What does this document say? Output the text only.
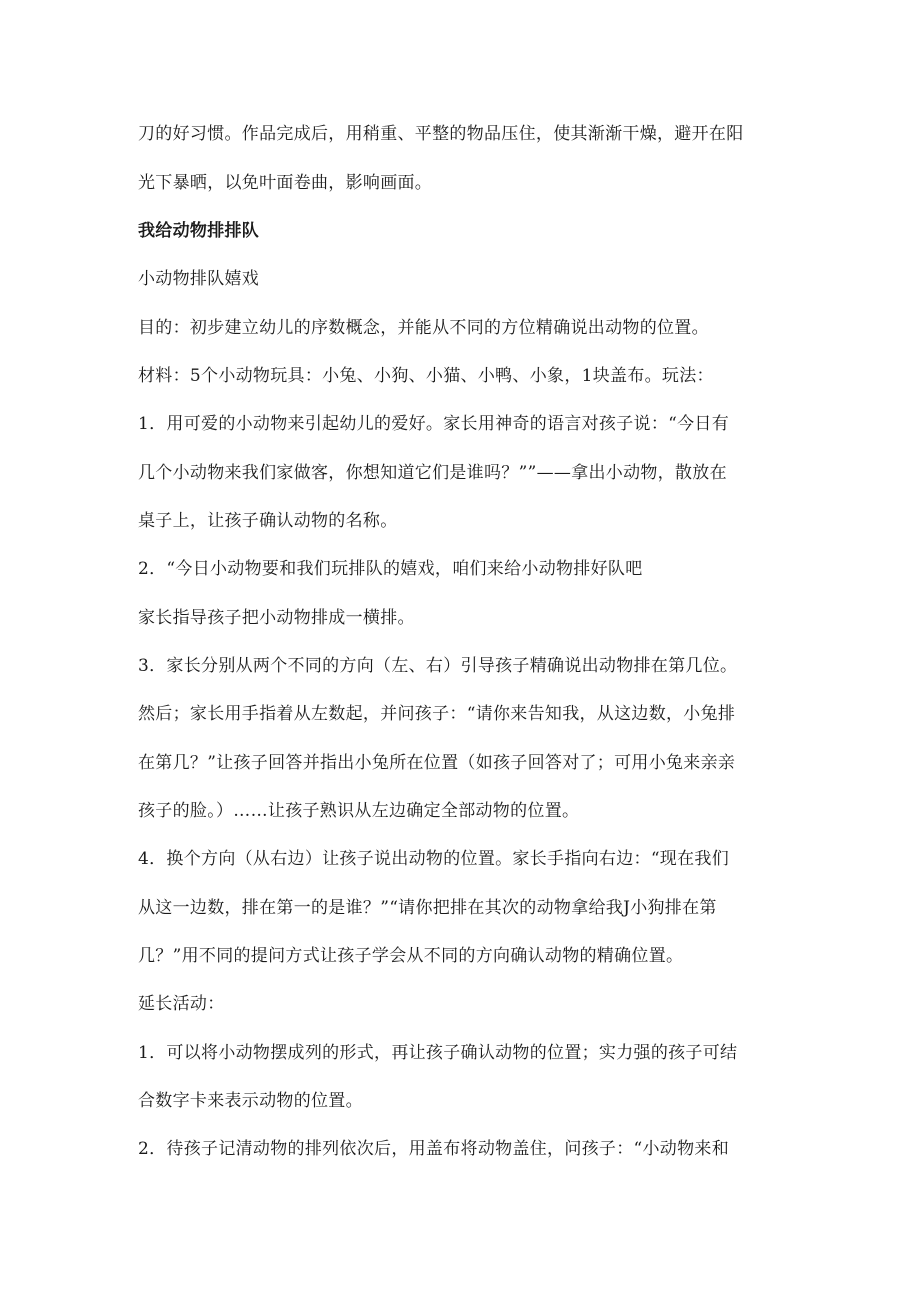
刀的好习惯。作品完成后，用稍重、平整的物品压住，使其渐渐干燥，避开在阳
光下暴晒，以免叶面卷曲，影响画面。
我给动物排排队
小动物排队嬉戏
目的：初步建立幼儿的序数概念，并能从不同的方位精确说出动物的位置。
材料：5个小动物玩具：小兔、小狗、小猫、小鸭、小象，1块盖布。玩法：
1．用可爱的小动物来引起幼儿的爱好。家长用神奇的语言对孩子说：“今日有
几个小动物来我们家做客，你想知道它们是谁吗？””——拿出小动物，散放在
桌子上，让孩子确认动物的名称。
2．“今日小动物要和我们玩排队的嬉戏，咱们来给小动物排好队吧
家长指导孩子把小动物排成一横排。
3．家长分别从两个不同的方向（左、右）引导孩子精确说出动物排在第几位。
然后；家长用手指着从左数起，并问孩子：“请你来告知我，从这边数，小兔排
在第几？”让孩子回答并指出小兔所在位置（如孩子回答对了；可用小兔来亲亲
孩子的脸。）……让孩子熟识从左边确定全部动物的位置。
4．换个方向（从右边）让孩子说出动物的位置。家长手指向右边：“现在我们
从这一边数，排在第一的是谁？”“请你把排在其次的动物拿给我J小狗排在第
几？”用不同的提问方式让孩子学会从不同的方向确认动物的精确位置。
延长活动：
1．可以将小动物摆成列的形式，再让孩子确认动物的位置；实力强的孩子可结
合数字卡来表示动物的位置。
2．待孩子记清动物的排列依次后，用盖布将动物盖住，问孩子：“小动物来和
